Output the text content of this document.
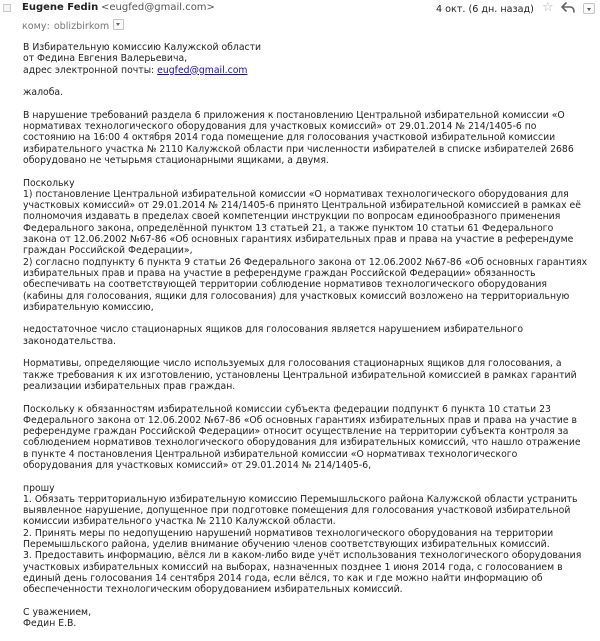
Eugene Fedin <eugfed@gmail.com>
кому: oblizbirkom
4 окт. (6 дн. назад) ☆

В Избирательную комиссию Калужской области
от Федина Евгения Валерьевича,
адрес электронной почты: eugfed@gmail.com

жалоба.

В нарушение требований раздела 6 приложения к постановлению Центральной избирательной комиссии «О нормативах технологического оборудования для участковых комиссий» от 29.01.2014 № 214/1405-6 по состоянию на 16:00 4 октября 2014 года помещение для голосования участковой избирательной комиссии избирательного участка № 2110 Калужской области при численности избирателей в списке избирателей 2686 оборудовано не четырьмя стационарными ящиками, а двумя.

Поскольку
1) постановление Центральной избирательной комиссии «О нормативах технологического оборудования для участковых комиссий» от 29.01.2014 № 214/1405-6 принято Центральной избирательной комиссией в рамках её полномочия издавать в пределах своей компетенции инструкции по вопросам единообразного применения Федерального закона, определённой пунктом 13 статьей 21, а также пунктом 10 статьи 61 Федерального закона от 12.06.2002 №67-86 «Об основных гарантиях избирательных прав и права на участие в референдуме граждан Российской Федерации»,
2) согласно подпункту 6 пункта 9 статьи 26 Федерального закона от 12.06.2002 №67-86 «Об основных гарантиях избирательных прав и права на участие в референдуме граждан Российской Федерации» обязанность обеспечивать на соответствующей территории соблюдение нормативов технологического оборудования (кабины для голосования, ящики для голосования) для участковых комиссий возложено на территориальную избирательную комиссию,

недостаточное число стационарных ящиков для голосования является нарушением избирательного законодательства.

Нормативы, определяющие число используемых для голосования стационарных ящиков для голосования, а также требования к их изготовлению, установлены Центральной избирательной комиссией в рамках гарантий реализации избирательных прав граждан.

Поскольку к обязанностям избирательной комиссии субъекта федерации подпункт 6 пункта 10 статьи 23 Федерального закона от 12.06.2002 №67-86 «Об основных гарантиях избирательных прав и права на участие в референдуме граждан Российской Федерации» относит осуществление на территории субъекта контроля за соблюдением нормативов технологического оборудования для избирательных комиссий, что нашло отражение в пункте 4 постановления Центральной избирательной комиссии «О нормативах технологического оборудования для участковых комиссий» от 29.01.2014 № 214/1405-6,

прошу
1. Обязать территориальную избирательную комиссию Перемышльского района Калужской области устранить выявленное нарушение, допущенное при подготовке помещения для голосования участковой избирательной комиссии избирательного участка № 2110 Калужской области.
2. Принять меры по недопущению нарушений нормативов технологического оборудования на территории Перемышльского района, уделив внимание обучению членов соответствующих избирательных комиссий.
3. Предоставить информацию, вёлся ли в каком-либо виде учёт использования технологического оборудования участковых избирательных комиссий на выборах, назначенных позднее 1 июня 2014 года, с голосованием в единый день голосования 14 сентября 2014 года, если вёлся, то как и где можно найти информацию об обеспеченности технологическим оборудованием избирательных комиссий.

С уважением,
Федин Е.В.
